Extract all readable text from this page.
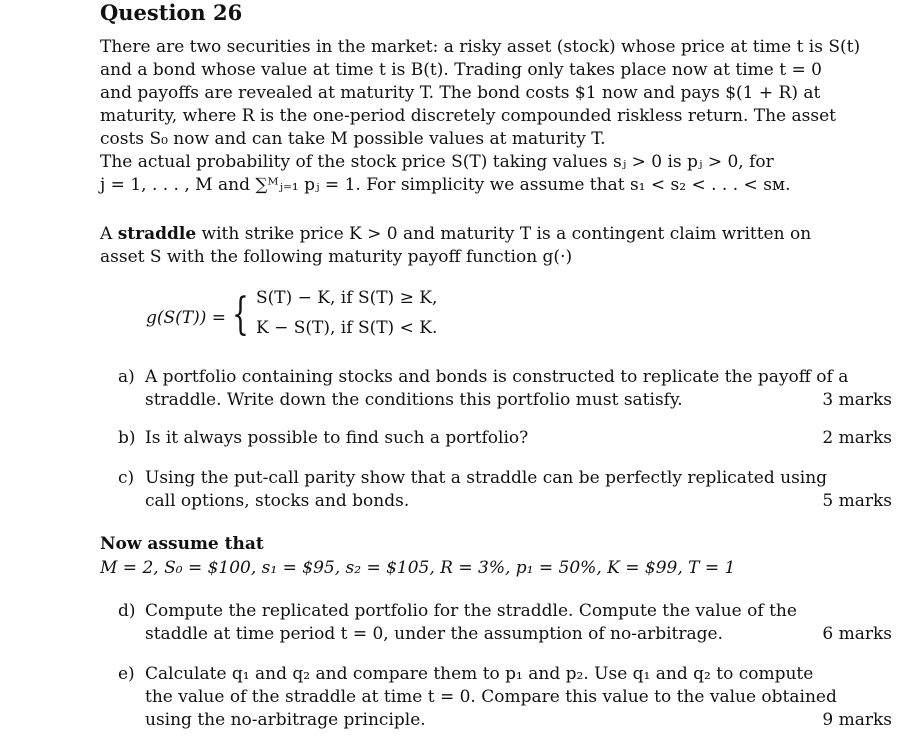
Question 26
There are two securities in the market: a risky asset (stock) whose price at time t is S(t)
and a bond whose value at time t is B(t). Trading only takes place now at time t = 0
and payoffs are revealed at maturity T. The bond costs $1 now and pays $(1 + R) at
maturity, where R is the one-period discretely compounded riskless return. The asset
costs S₀ now and can take M possible values at maturity T.
The actual probability of the stock price S(T) taking values sⱼ > 0 is pⱼ > 0, for
j = 1, . . . , M and ∑ᴹⱼ₌₁ pⱼ = 1. For simplicity we assume that s₁ < s₂ < . . . < sᴍ.
A straddle with strike price K > 0 and maturity T is a contingent claim written on
asset S with the following maturity payoff function g(·)
g(S(T)) = { S(T) − K, if S(T) ≥ K,
K − S(T), if S(T) < K.
a) A portfolio containing stocks and bonds is constructed to replicate the payoff of a
straddle. Write down the conditions this portfolio must satisfy.	3 marks
b) Is it always possible to find such a portfolio?	2 marks
c) Using the put-call parity show that a straddle can be perfectly replicated using
call options, stocks and bonds.	5 marks
Now assume that
M = 2, S₀ = $100, s₁ = $95, s₂ = $105, R = 3%, p₁ = 50%, K = $99, T = 1
d) Compute the replicated portfolio for the straddle. Compute the value of the
staddle at time period t = 0, under the assumption of no-arbitrage.	6 marks
e) Calculate q₁ and q₂ and compare them to p₁ and p₂. Use q₁ and q₂ to compute
the value of the straddle at time t = 0. Compare this value to the value obtained
using the no-arbitrage principle.	9 marks
